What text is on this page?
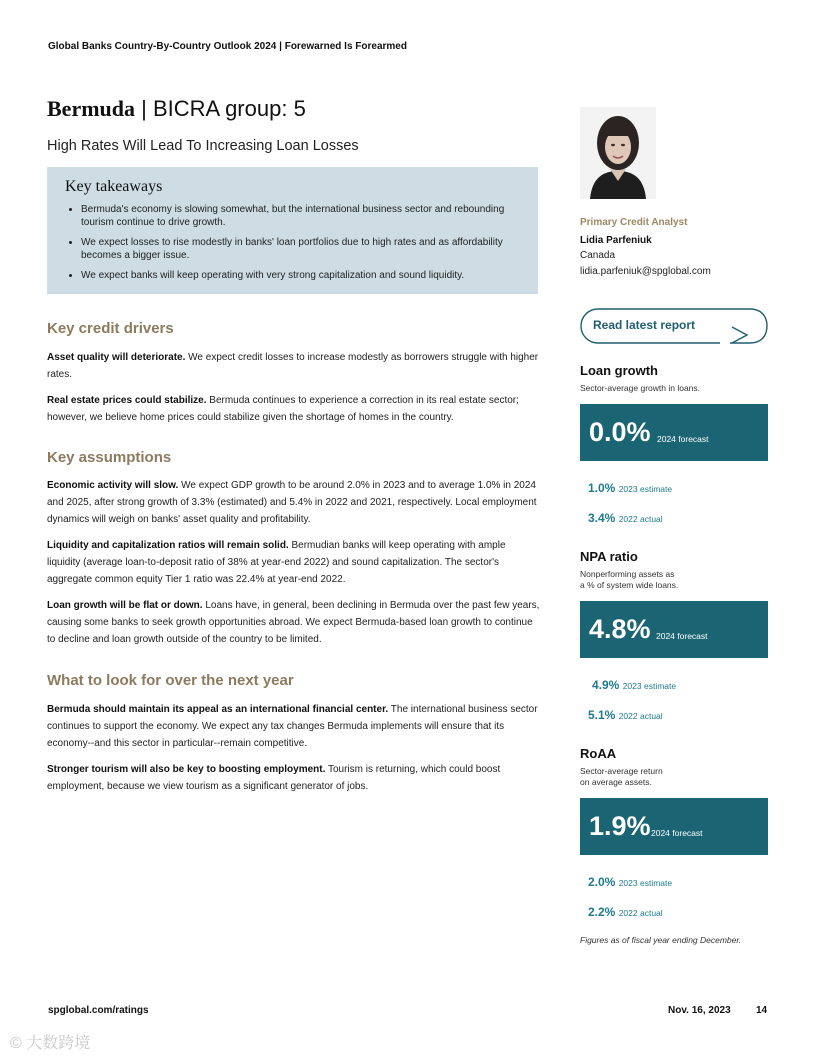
Global Banks Country-By-Country Outlook 2024 | Forewarned Is Forearmed
Bermuda | BICRA group: 5
High Rates Will Lead To Increasing Loan Losses
Key takeaways
• Bermuda's economy is slowing somewhat, but the international business sector and rebounding tourism continue to drive growth.
• We expect losses to rise modestly in banks' loan portfolios due to high rates and as affordability becomes a bigger issue.
• We expect banks will keep operating with very strong capitalization and sound liquidity.
Key credit drivers
Asset quality will deteriorate. We expect credit losses to increase modestly as borrowers struggle with higher rates.
Real estate prices could stabilize. Bermuda continues to experience a correction in its real estate sector; however, we believe home prices could stabilize given the shortage of homes in the country.
Key assumptions
Economic activity will slow. We expect GDP growth to be around 2.0% in 2023 and to average 1.0% in 2024 and 2025, after strong growth of 3.3% (estimated) and 5.4% in 2022 and 2021, respectively. Local employment dynamics will weigh on banks' asset quality and profitability.
Liquidity and capitalization ratios will remain solid. Bermudian banks will keep operating with ample liquidity (average loan-to-deposit ratio of 38% at year-end 2022) and sound capitalization. The sector's aggregate common equity Tier 1 ratio was 22.4% at year-end 2022.
Loan growth will be flat or down. Loans have, in general, been declining in Bermuda over the past few years, causing some banks to seek growth opportunities abroad. We expect Bermuda-based loan growth to continue to decline and loan growth outside of the country to be limited.
What to look for over the next year
Bermuda should maintain its appeal as an international financial center. The international business sector continues to support the economy. We expect any tax changes Bermuda implements will ensure that its economy--and this sector in particular--remain competitive.
Stronger tourism will also be key to boosting employment. Tourism is returning, which could boost employment, because we view tourism as a significant generator of jobs.
Primary Credit Analyst
Lidia Parfeniuk
Canada
lidia.parfeniuk@spglobal.com
Read latest report
Loan growth
Sector-average growth in loans.
0.0% 2024 forecast
1.0% 2023 estimate
3.4% 2022 actual
NPA ratio
Nonperforming assets as
a % of system wide loans.
4.8% 2024 forecast
4.9% 2023 estimate
5.1% 2022 actual
RoAA
Sector-average return
on average assets.
1.9% 2024 forecast
2.0% 2023 estimate
2.2% 2022 actual
Figures as of fiscal year ending December.
spglobal.com/ratings	Nov. 16, 2023	14
© 大数跨境
